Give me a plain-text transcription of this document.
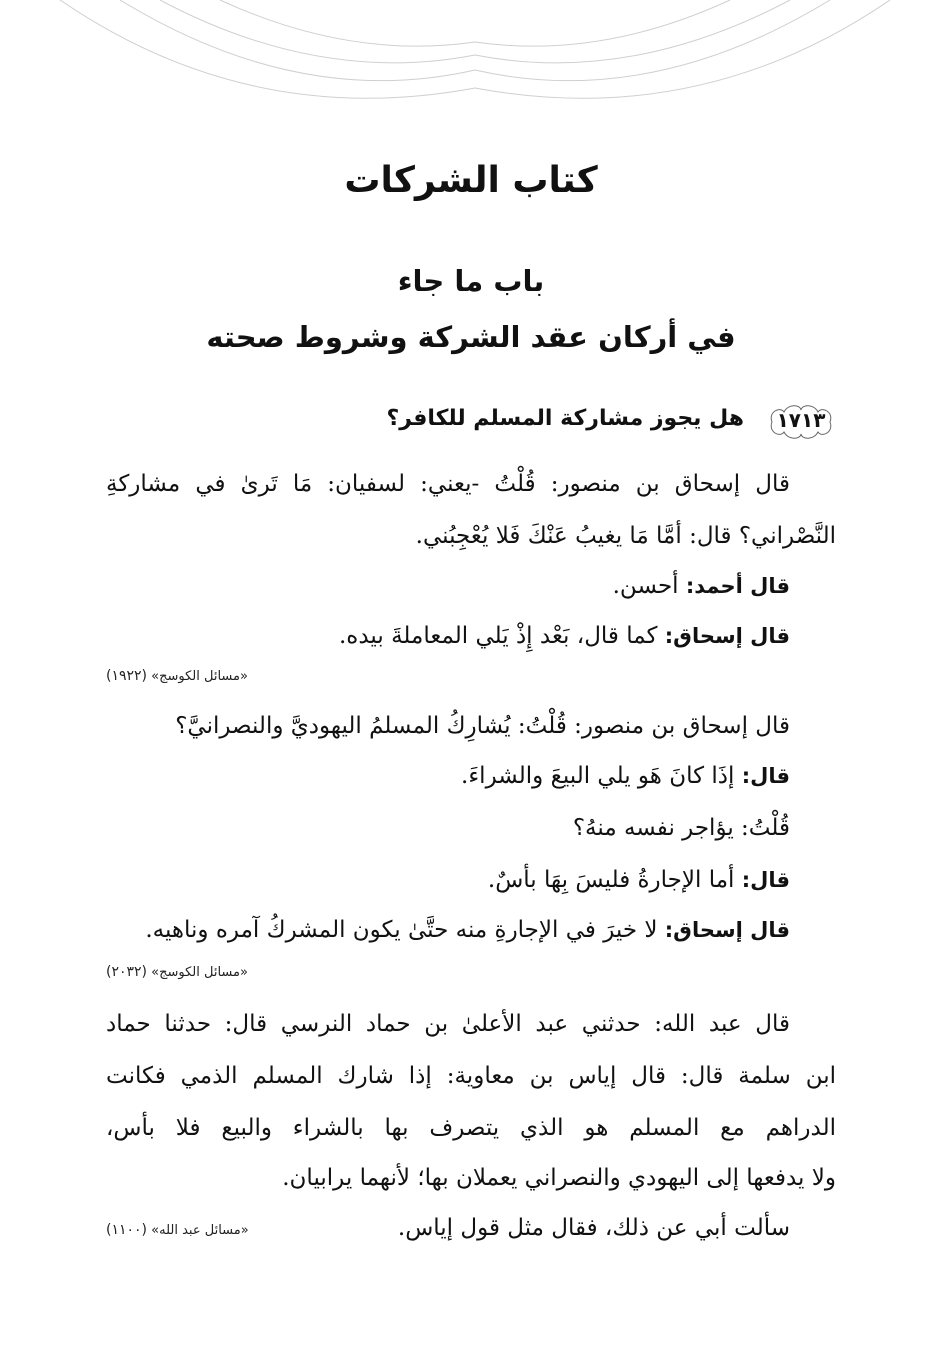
كتاب الشركات
باب ما جاء
في أركان عقد الشركة وشروط صحته
١٧١٣
هل يجوز مشاركة المسلم للكافر؟
قال إسحاق بن منصور: قُلْتُ -يعني: لسفيان: مَا تَرىٰ في مشاركةِ
النَّصْراني؟ قال: أمَّا مَا يغيبُ عَنْكَ فَلا يُعْجِبُني.
قال أحمد: أحسن.
قال إسحاق: كما قال، بَعْد إِذْ يَلي المعاملةَ بيده.
«مسائل الكوسج» (١٩٢٢)
قال إسحاق بن منصور: قُلْتُ: يُشارِكُ المسلمُ اليهوديَّ والنصرانيَّ؟
قال: إذَا كانَ هَو يلي البيعَ والشراءَ.
قُلْتُ: يؤاجر نفسه منهُ؟
قال: أما الإجارةُ فليسَ بِهَا بأسٌ.
قال إسحاق: لا خيرَ في الإجارةِ منه حتَّىٰ يكون المشركُ آمره وناهيه.
«مسائل الكوسج» (٢٠٣٢)
قال عبد الله: حدثني عبد الأعلىٰ بن حماد النرسي قال: حدثنا حماد
ابن سلمة قال: قال إياس بن معاوية: إذا شارك المسلم الذمي فكانت
الدراهم مع المسلم هو الذي يتصرف بها بالشراء والبيع فلا بأس،
ولا يدفعها إلى اليهودي والنصراني يعملان بها؛ لأنهما يرابيان.
سألت أبي عن ذلك، فقال مثل قول إياس.
«مسائل عبد الله» (١١٠٠)
